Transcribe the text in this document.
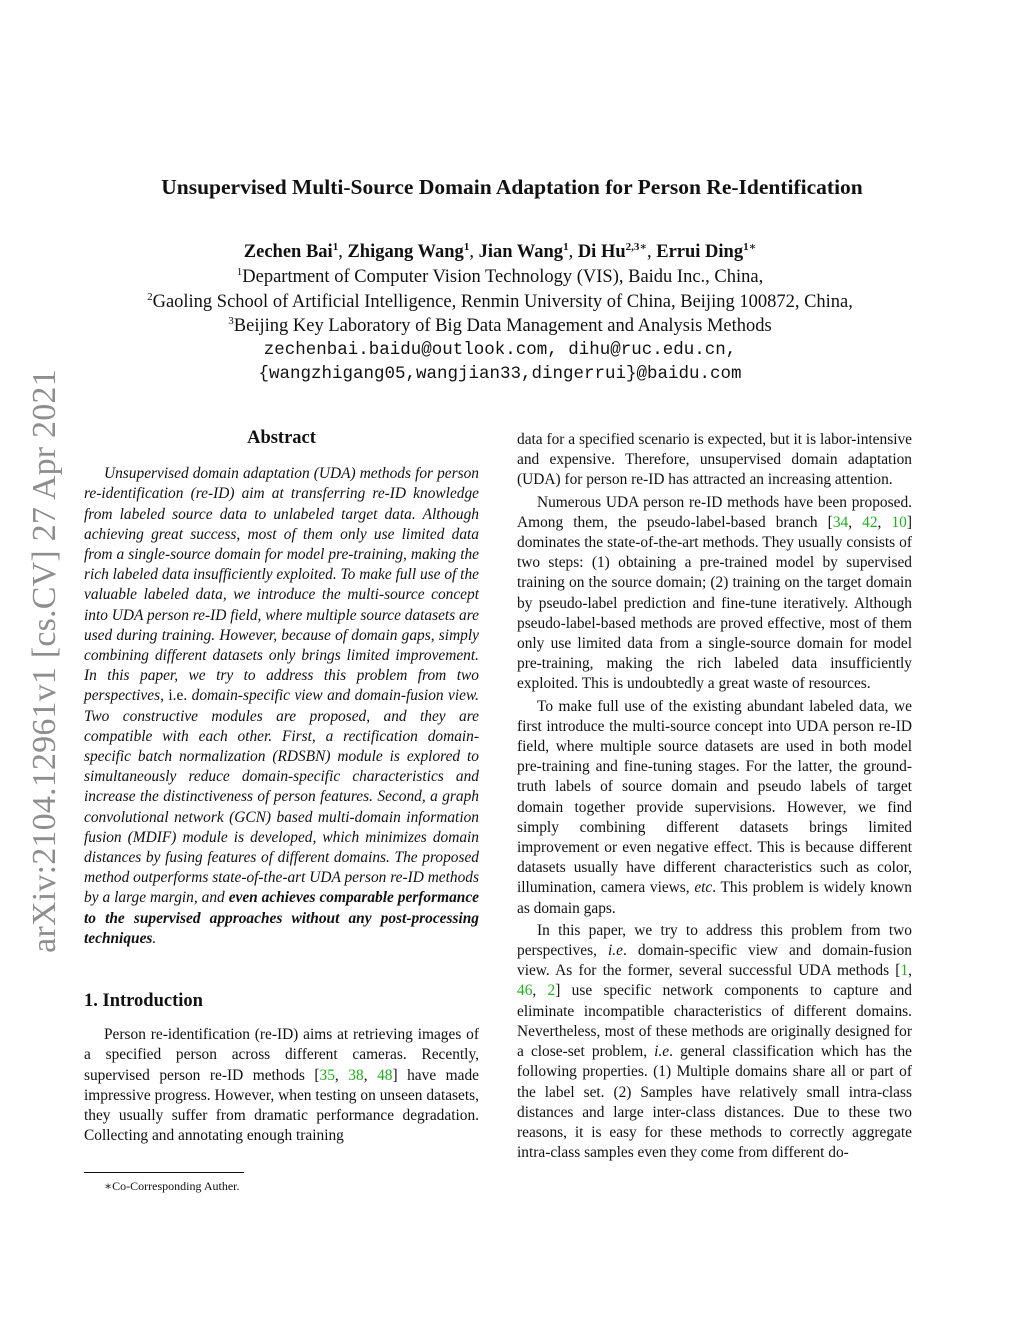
arXiv:2104.12961v1 [cs.CV] 27 Apr 2021
Unsupervised Multi-Source Domain Adaptation for Person Re-Identification
Zechen Bai$^1$, Zhigang Wang$^1$, Jian Wang$^1$, Di $Hu^{2,3∗}$, Errui Ding$^{1∗}$
$^1$Department of Computer Vision Technology (VIS), Baidu Inc., China,
$^2$Gaoling School of Artificial Intelligence, Renmin University of China, Beijing 100872, China,
$^3$Beijing Key Laboratory of Big Data Management and Analysis Methods
zechenbai.baidu@outlook.com, dihu@ruc.edu.cn,
{wangzhigang05,wangjian33,dingerrui}@baidu.com
Abstract

Unsupervised domain adaptation (UDA) methods for person re-identification (re-ID) aim at transferring re-ID knowledge from labeled source data to unlabeled target data. Although achieving great success, most of them only use limited data from a single-source domain for model pre-training, making the rich labeled data insufficiently exploited. To make full use of the valuable labeled data, we introduce the multi-source concept into UDA person re-ID field, where multiple source datasets are used during training. However, because of domain gaps, simply combining different datasets only brings limited improvement. In this paper, we try to address this problem from two perspectives, i.e. domain-specific view and domain-fusion view. Two constructive modules are proposed, and they are compatible with each other. First, a rectification domain-specific batch normalization (RDSBN) module is explored to simultaneously reduce domain-specific characteristics and increase the distinctiveness of person features. Second, a graph convolutional network (GCN) based multi-domain information fusion (MDIF) module is developed, which minimizes domain distances by fusing features of different domains. The proposed method outperforms state-of-the-art UDA person re-ID methods by a large margin, and even achieves comparable performance to the supervised approaches without any post-processing techniques.

1. Introduction

Person re-identification (re-ID) aims at retrieving images of a specified person across different cameras. Recently, supervised person re-ID methods [35, 38, 48] have made impressive progress. However, when testing on unseen datasets, they usually suffer from dramatic performance degradation. Collecting and annotating enough training

∗Co-Corresponding Auther.

data for a specified scenario is expected, but it is labor-intensive and expensive. Therefore, unsupervised domain adaptation (UDA) for person re-ID has attracted an increasing attention.

Numerous UDA person re-ID methods have been proposed. Among them, the pseudo-label-based branch [34, 42, 10] dominates the state-of-the-art methods. They usually consists of two steps: (1) obtaining a pre-trained model by supervised training on the source domain; (2) training on the target domain by pseudo-label prediction and fine-tune iteratively. Although pseudo-label-based methods are proved effective, most of them only use limited data from a single-source domain for model pre-training, making the rich labeled data insufficiently exploited. This is undoubtedly a great waste of resources.

To make full use of the existing abundant labeled data, we first introduce the multi-source concept into UDA person re-ID field, where multiple source datasets are used in both model pre-training and fine-tuning stages. For the latter, the ground-truth labels of source domain and pseudo labels of target domain together provide supervisions. However, we find simply combining different datasets brings limited improvement or even negative effect. This is because different datasets usually have different characteristics such as color, illumination, camera views, etc. This problem is widely known as domain gaps.

In this paper, we try to address this problem from two perspectives, i.e. domain-specific view and domain-fusion view. As for the former, several successful UDA methods [1, 46, 2] use specific network components to capture and eliminate incompatible characteristics of different domains. Nevertheless, most of these methods are originally designed for a close-set problem, i.e. general classification which has the following properties. (1) Multiple domains share all or part of the label set. (2) Samples have relatively small intra-class distances and large inter-class distances. Due to these two reasons, it is easy for these methods to correctly aggregate intra-class samples even they come from different do-
